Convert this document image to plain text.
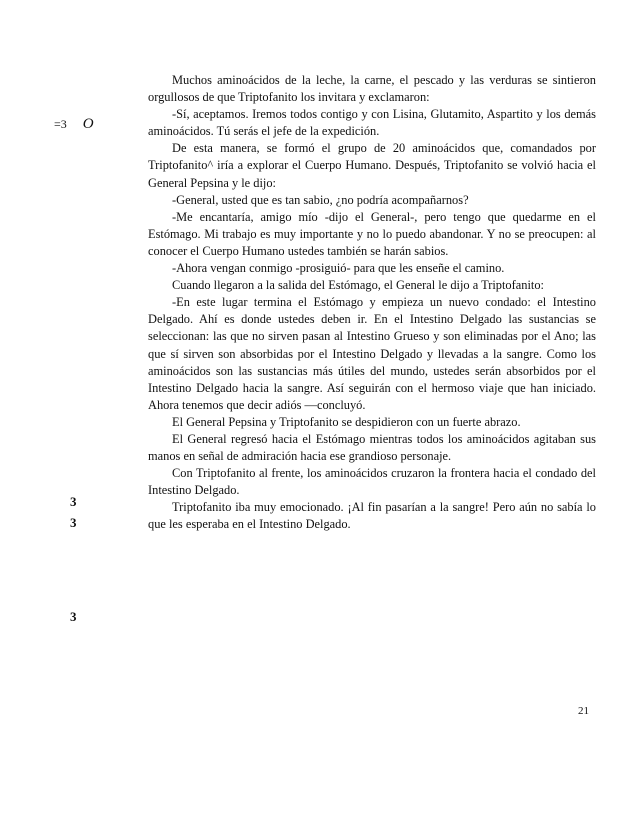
=3 O
3
3
3

Muchos aminoácidos de la leche, la carne, el pescado y las verduras se sintieron orgullosos de que Triptofanito los invitara y exclamaron:

-Sí, aceptamos. Iremos todos contigo y con Lisina, Glutamito, Aspartito y los demás aminoácidos. Tú serás el jefe de la expedición.

De esta manera, se formó el grupo de 20 aminoácidos que, comandados por Triptofanito^ iría a explorar el Cuerpo Humano. Después, Triptofanito se volvió hacia el General Pepsina y le dijo:

-General, usted que es tan sabio, ¿no podría acompañarnos?

-Me encantaría, amigo mío -dijo el General-, pero tengo que quedarme en el Estómago. Mi trabajo es muy importante y no lo puedo abandonar. Y no se preocupen: al conocer el Cuerpo Humano ustedes también se harán sabios.

-Ahora vengan conmigo -prosiguió- para que les enseñe el camino.

Cuando llegaron a la salida del Estómago, el General le dijo a Triptofanito:

-En este lugar termina el Estómago y empieza un nuevo condado: el Intestino Delgado. Ahí es donde ustedes deben ir. En el Intestino Delgado las sustancias se seleccionan: las que no sirven pasan al Intestino Grueso y son eliminadas por el Ano; las que sí sirven son absorbidas por el Intestino Delgado y llevadas a la sangre. Como los aminoácidos son las sustancias más útiles del mundo, ustedes serán absorbidos por el Intestino Delgado hacia la sangre. Así seguirán con el hermoso viaje que han iniciado. Ahora tenemos que decir adiós —concluyó.

El General Pepsina y Triptofanito se despidieron con un fuerte abrazo.

El General regresó hacia el Estómago mientras todos los aminoácidos agitaban sus manos en señal de admiración hacia ese grandioso personaje.

Con Triptofanito al frente, los aminoácidos cruzaron la frontera hacia el condado del Intestino Delgado.

Triptofanito iba muy emocionado. ¡Al fin pasarían a la sangre! Pero aún no sabía lo que les esperaba en el Intestino Delgado.

21
